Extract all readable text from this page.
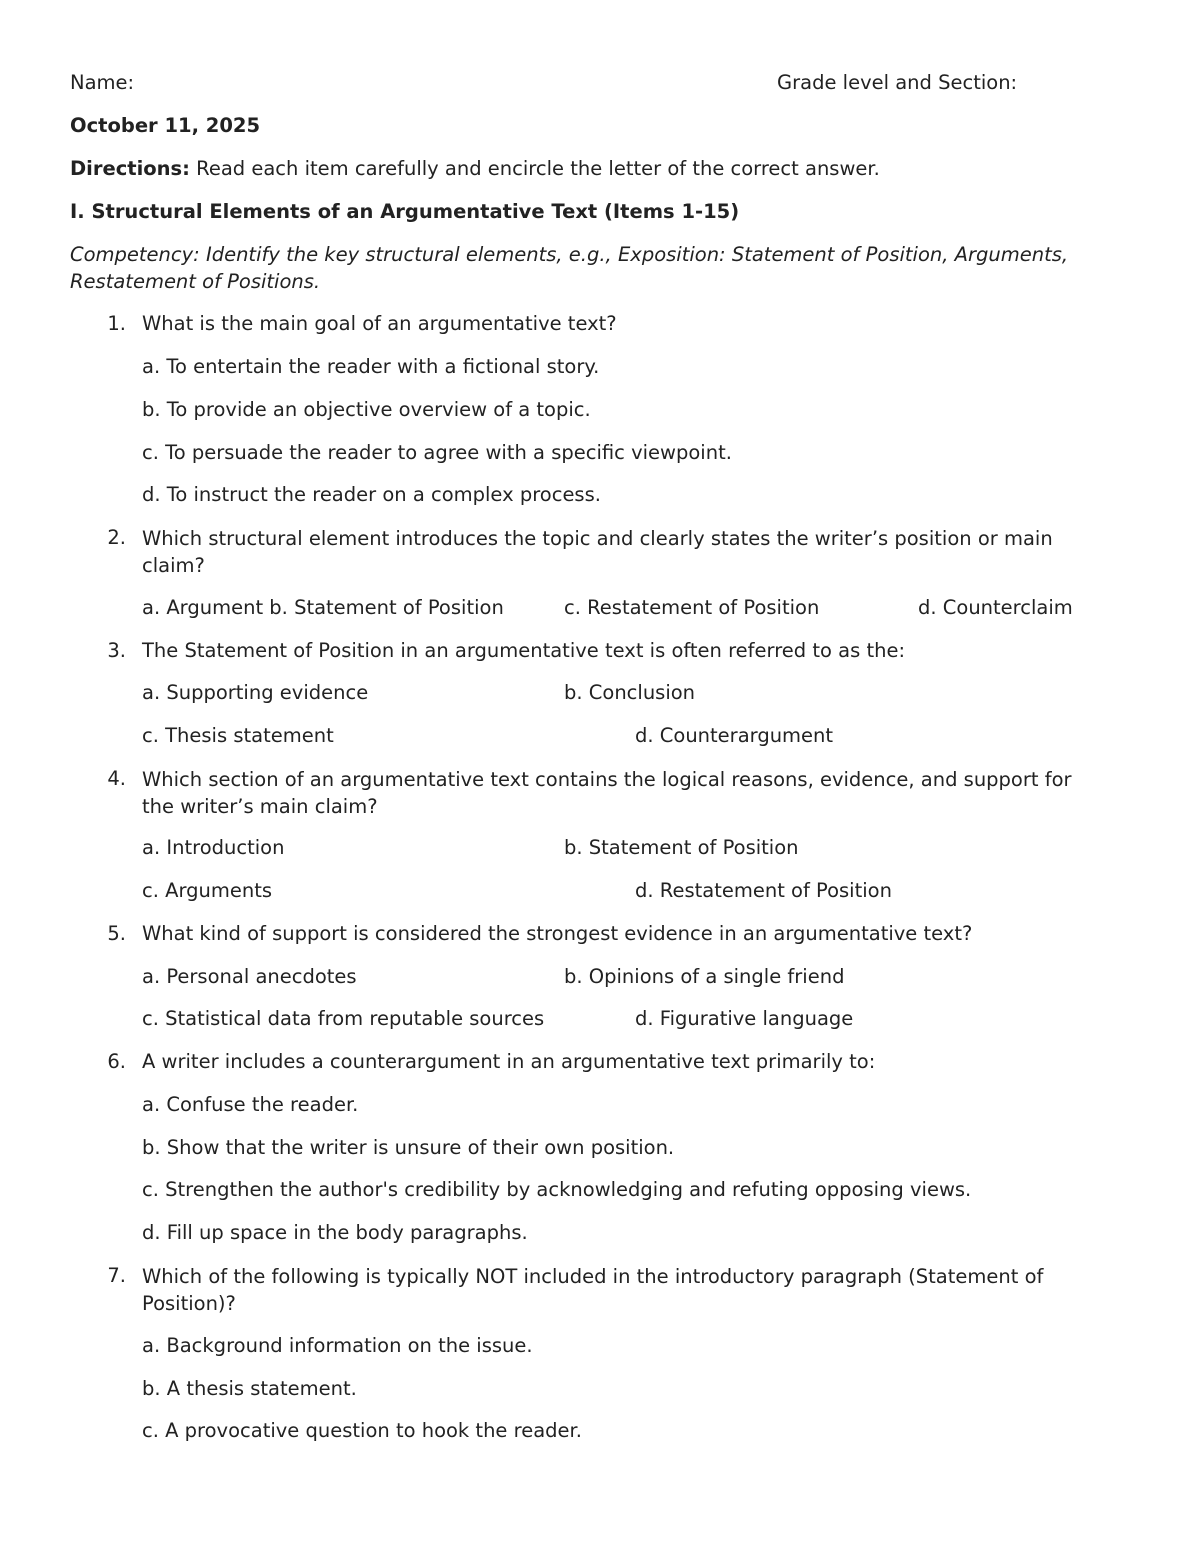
Name:	Grade level and Section:
October 11, 2025
Directions: Read each item carefully and encircle the letter of the correct answer.
I. Structural Elements of an Argumentative Text (Items 1-15)
Competency: Identify the key structural elements, e.g., Exposition: Statement of Position, Arguments, Restatement of Positions.
1. What is the main goal of an argumentative text?
a. To entertain the reader with a fictional story.
b. To provide an objective overview of a topic.
c. To persuade the reader to agree with a specific viewpoint.
d. To instruct the reader on a complex process.
2. Which structural element introduces the topic and clearly states the writer’s position or main claim?
a. Argument b. Statement of Position	c. Restatement of Position	d. Counterclaim
3. The Statement of Position in an argumentative text is often referred to as the:
a. Supporting evidence	b. Conclusion
c. Thesis statement	d. Counterargument
4. Which section of an argumentative text contains the logical reasons, evidence, and support for the writer’s main claim?
a. Introduction	b. Statement of Position
c. Arguments	d. Restatement of Position
5. What kind of support is considered the strongest evidence in an argumentative text?
a. Personal anecdotes	b. Opinions of a single friend
c. Statistical data from reputable sources	d. Figurative language
6. A writer includes a counterargument in an argumentative text primarily to:
a. Confuse the reader.
b. Show that the writer is unsure of their own position.
c. Strengthen the author's credibility by acknowledging and refuting opposing views.
d. Fill up space in the body paragraphs.
7. Which of the following is typically NOT included in the introductory paragraph (Statement of Position)?
a. Background information on the issue.
b. A thesis statement.
c. A provocative question to hook the reader.
